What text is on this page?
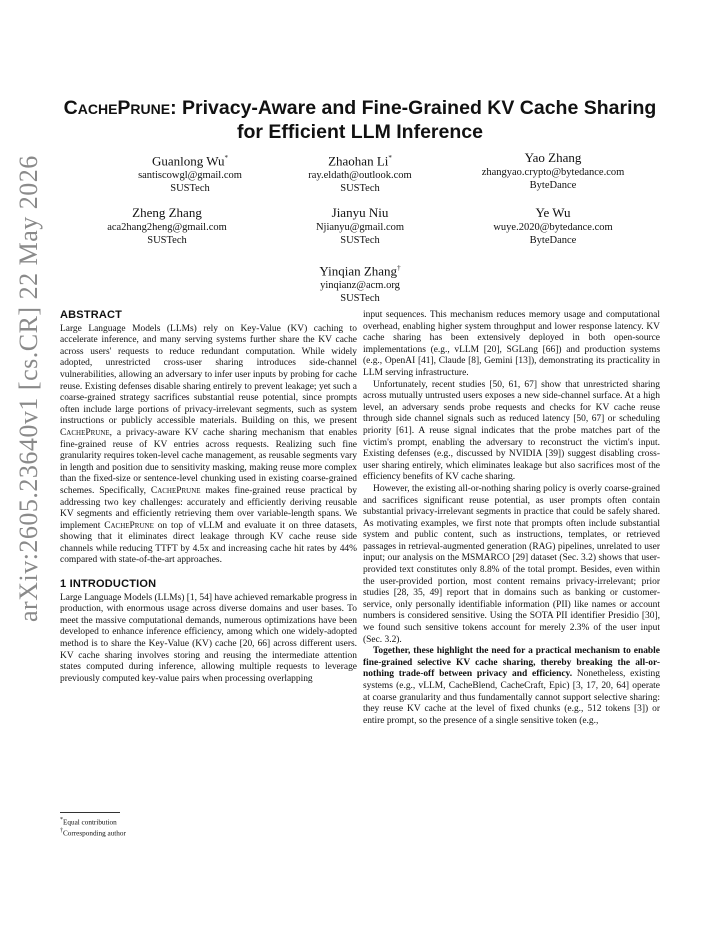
arXiv:2605.23640v1 [cs.CR] 22 May 2026
CachePrune: Privacy-Aware and Fine-Grained KV Cache Sharing
for Efficient LLM Inference
Guanlong Wu*
santiscowgl@gmail.com
SUSTech
Zhaohan Li*
ray.eldath@outlook.com
SUSTech
Yao Zhang
zhangyao.crypto@bytedance.com
ByteDance
Zheng Zhang
aca2hang2heng@gmail.com
SUSTech
Jianyu Niu
Njianyu@gmail.com
SUSTech
Ye Wu
wuye.2020@bytedance.com
ByteDance
Yinqian Zhang†
yinqianz@acm.org
SUSTech
ABSTRACT

Large Language Models (LLMs) rely on Key-Value (KV) caching to accelerate inference, and many serving systems further share the KV cache across users' requests to reduce redundant computation. While widely adopted, unrestricted cross-user sharing introduces side-channel vulnerabilities, allowing an adversary to infer user inputs by probing for cache reuse. Existing defenses disable sharing entirely to prevent leakage; yet such a coarse-grained strategy sacrifices substantial reuse potential, since prompts often include large portions of privacy-irrelevant segments, such as system instructions or publicly accessible materials. Building on this, we present CachePrune, a privacy-aware KV cache sharing mechanism that enables fine-grained reuse of KV entries across requests. Realizing such fine granularity requires token-level cache management, as reusable segments vary in length and position due to sensitivity masking, making reuse more complex than the fixed-size or sentence-level chunking used in existing coarse-grained schemes. Specifically, CachePrune makes fine-grained reuse practical by addressing two key challenges: accurately and efficiently deriving reusable KV segments and efficiently retrieving them over variable-length spans. We implement CachePrune on top of vLLM and evaluate it on three datasets, showing that it eliminates direct leakage through KV cache reuse side channels while reducing TTFT by 4.5x and increasing cache hit rates by 44% compared with state-of-the-art approaches.

1 INTRODUCTION

Large Language Models (LLMs) [1, 54] have achieved remarkable progress in production, with enormous usage across diverse domains and user bases. To meet the massive computational demands, numerous optimizations have been developed to enhance inference efficiency, among which one widely-adopted method is to share the Key-Value (KV) cache [20, 66] across different users. KV cache sharing involves storing and reusing the intermediate attention states computed during inference, allowing multiple requests to leverage previously computed key-value pairs when processing overlapping

input sequences. This mechanism reduces memory usage and computational overhead, enabling higher system throughput and lower response latency. KV cache sharing has been extensively deployed in both open-source implementations (e.g., vLLM [20], SGLang [66]) and production systems (e.g., OpenAI [41], Claude [8], Gemini [13]), demonstrating its practicality in LLM serving infrastructure.

Unfortunately, recent studies [50, 61, 67] show that unrestricted sharing across mutually untrusted users exposes a new side-channel surface. At a high level, an adversary sends probe requests and checks for KV cache reuse through side channel signals such as reduced latency [50, 67] or scheduling priority [61]. A reuse signal indicates that the probe matches part of the victim's prompt, enabling the adversary to reconstruct the victim's input. Existing defenses (e.g., discussed by NVIDIA [39]) suggest disabling cross-user sharing entirely, which eliminates leakage but also sacrifices most of the efficiency benefits of KV cache sharing.

However, the existing all-or-nothing sharing policy is overly coarse-grained and sacrifices significant reuse potential, as user prompts often contain substantial privacy-irrelevant segments in practice that could be safely shared. As motivating examples, we first note that prompts often include substantial system and public content, such as instructions, templates, or retrieved passages in retrieval-augmented generation (RAG) pipelines, unrelated to user input; our analysis on the MSMARCO [29] dataset (Sec. 3.2) shows that user-provided text constitutes only 8.8% of the total prompt. Besides, even within the user-provided portion, most content remains privacy-irrelevant; prior studies [28, 35, 49] report that in domains such as banking or customer-service, only personally identifiable information (PII) like names or account numbers is considered sensitive. Using the SOTA PII identifier Presidio [30], we found such sensitive tokens account for merely 2.3% of the user input (Sec. 3.2).

Together, these highlight the need for a practical mechanism to enable fine-grained selective KV cache sharing, thereby breaking the all-or-nothing trade-off between privacy and efficiency. Nonetheless, existing systems (e.g., vLLM, CacheBlend, CacheCraft, Epic) [3, 17, 20, 64] operate at coarse granularity and thus fundamentally cannot support selective sharing: they reuse KV cache at the level of fixed chunks (e.g., 512 tokens [3]) or entire prompt, so the presence of a single sensitive token (e.g.,

*Equal contribution
†Corresponding author
